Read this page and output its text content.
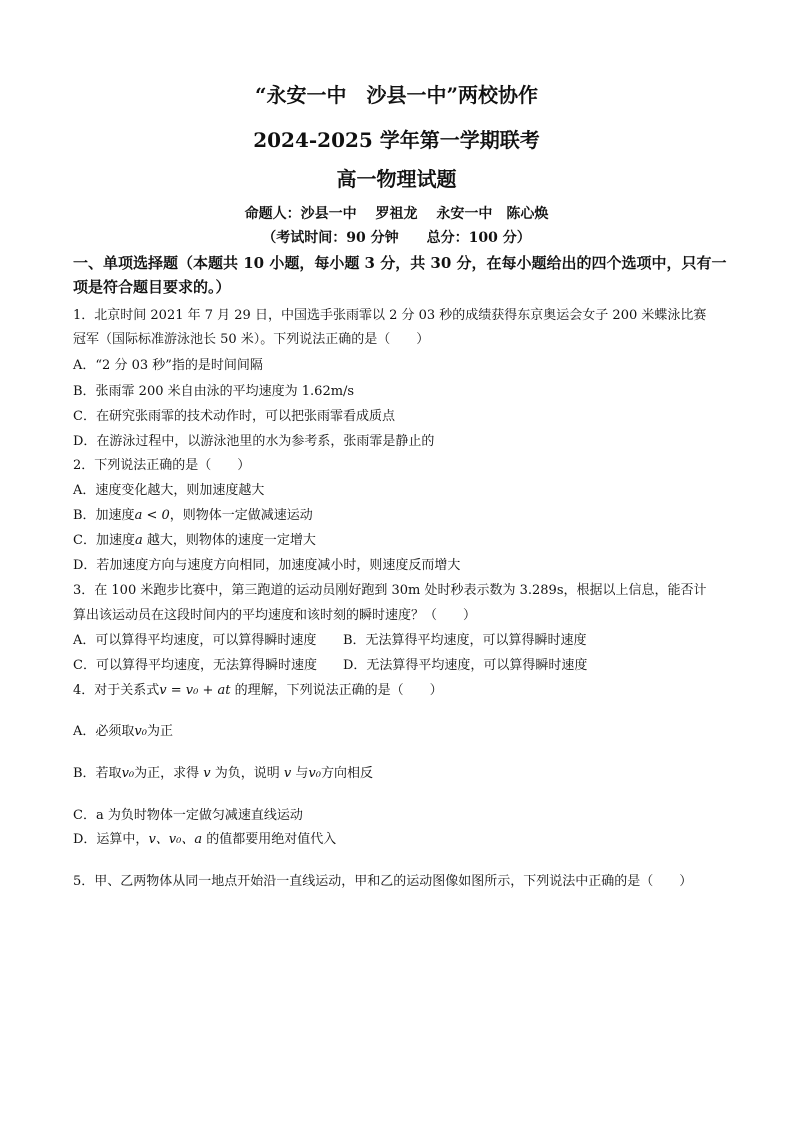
“永安一中　沙县一中”两校协作
2024-2025 学年第一学期联考
高一物理试题
命题人：沙县一中　 罗祖龙　 永安一中　陈心焕
（考试时间：90 分钟　　总分：100 分）
一、单项选择题（本题共 10 小题，每小题 3 分，共 30 分，在每小题给出的四个选项中，只有一项是符合题目要求的。）
1．北京时间 2021 年 7 月 29 日，中国选手张雨霏以 2 分 03 秒的成绩获得东京奥运会女子 200 米蝶泳比赛
冠军（国际标准游泳池长 50 米）。下列说法正确的是（　　）
A．“2 分 03 秒”指的是时间间隔
B．张雨霏 200 米自由泳的平均速度为 1.62m/s
C．在研究张雨霏的技术动作时，可以把张雨霏看成质点
D．在游泳过程中，以游泳池里的水为参考系，张雨霏是静止的
2．下列说法正确的是（　　）
A．速度变化越大，则加速度越大
B．加速度a < 0，则物体一定做减速运动
C．加速度a 越大，则物体的速度一定增大
D．若加速度方向与速度方向相同，加速度减小时，则速度反而增大
3．在 100 米跑步比赛中，第三跑道的运动员刚好跑到 30m 处时秒表示数为 3.289s，根据以上信息，能否计
算出该运动员在这段时间内的平均速度和该时刻的瞬时速度？（　　）
A．可以算得平均速度，可以算得瞬时速度 B．无法算得平均速度，可以算得瞬时速度
C．可以算得平均速度，无法算得瞬时速度 D．无法算得平均速度，可以算得瞬时速度
4．对于关系式v = v₀ + at 的理解，下列说法正确的是（　　）
A．必须取v₀为正
B．若取v₀为正，求得 v 为负，说明 v 与v₀方向相反
C．a 为负时物体一定做匀减速直线运动
D．运算中，v、v₀、a 的值都要用绝对值代入
5．甲、乙两物体从同一地点开始沿一直线运动，甲和乙的运动图像如图所示，下列说法中正确的是（　　）
